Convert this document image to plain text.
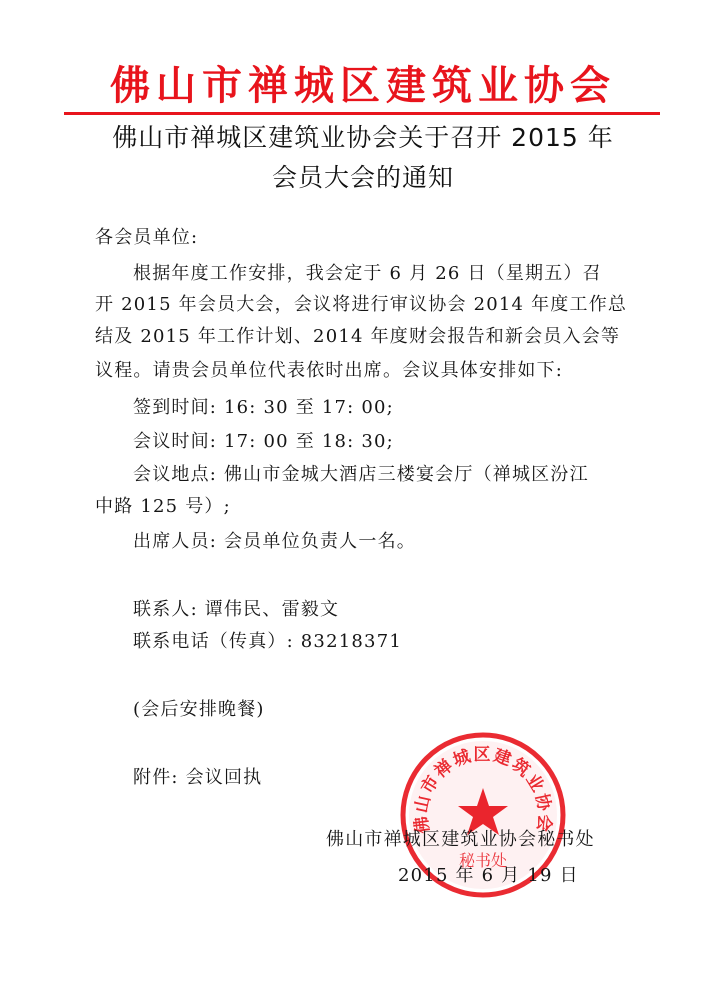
佛山市禅城区建筑业协会
佛山市禅城区建筑业协会关于召开 2015 年
会员大会的通知
各会员单位:
根据年度工作安排，我会定于 6 月 26 日（星期五）召
开 2015 年会员大会，会议将进行审议协会 2014 年度工作总
结及 2015 年工作计划、2014 年度财会报告和新会员入会等
议程。请贵会员单位代表依时出席。会议具体安排如下:
签到时间: 16: 30 至 17: 00;
会议时间: 17: 00 至 18: 30;
会议地点: 佛山市金城大酒店三楼宴会厅（禅城区汾江
中路 125 号）;
出席人员: 会员单位负责人一名。
联系人: 谭伟民、雷毅文
联系电话（传真）: 83218371
(会后安排晚餐)
附件: 会议回执
佛山市禅城区建筑业协会
秘书处
佛山市禅城区建筑业协会秘书处
2015 年 6 月 19 日
